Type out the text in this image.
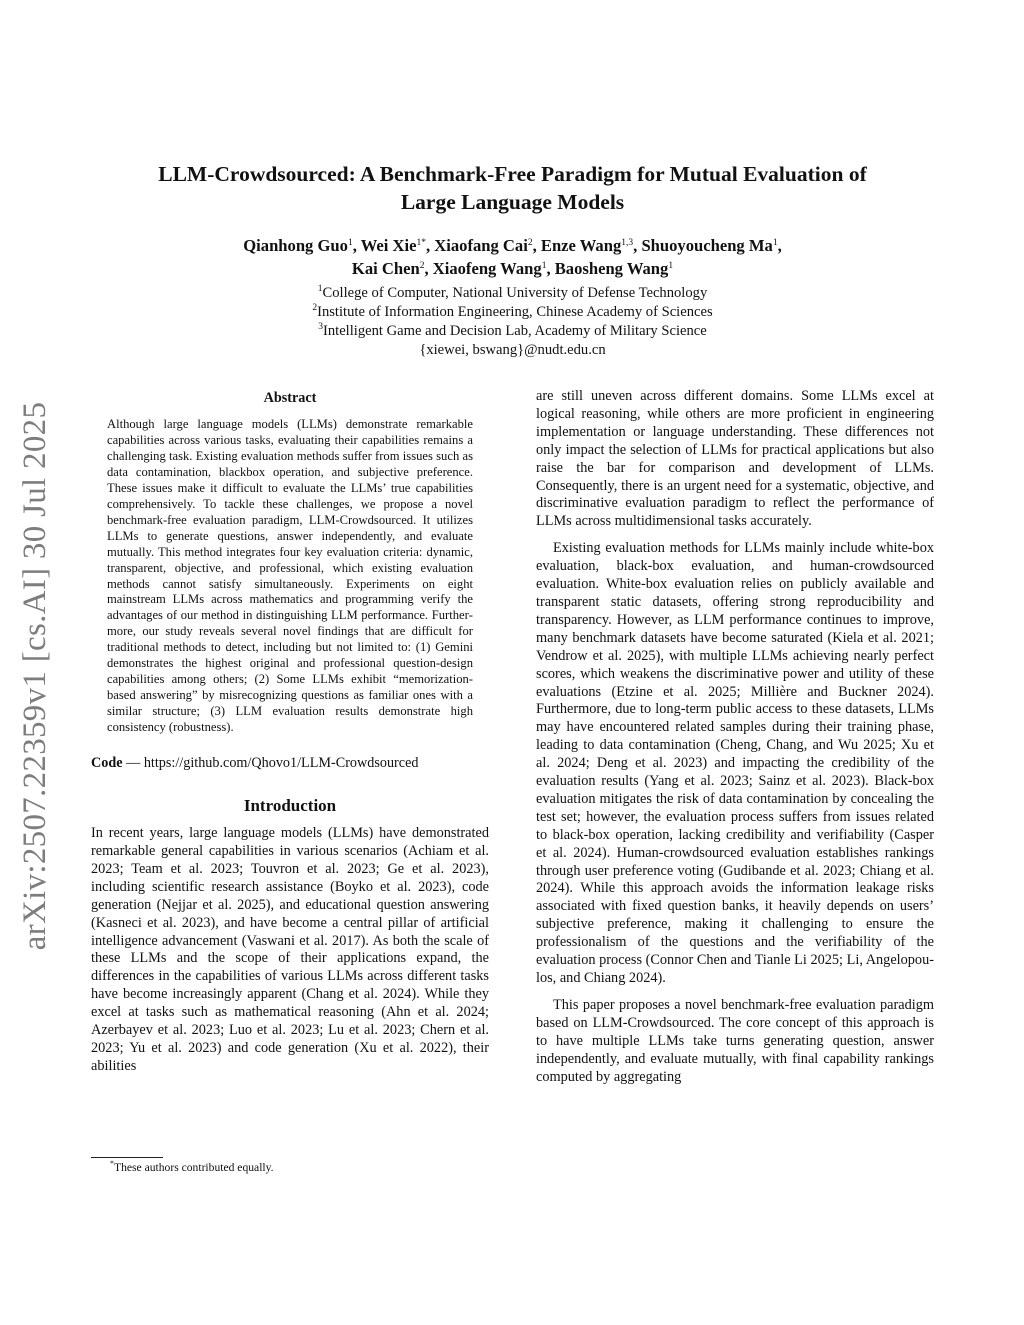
arXiv:2507.22359v1 [cs.AI] 30 Jul 2025
LLM-Crowdsourced: A Benchmark-Free Paradigm for Mutual Evaluation of
Large Language Models
Qianhong Guo$^1$, Wei Xie$^{1*}$, Xiaofang Cai$^2$, Enze Wang$^{1,3}$, Shuoyoucheng Ma$^1$,
Kai Chen$^2$, Xiaofeng Wang$^1$, Baosheng Wang$^1$
$^1$College of Computer, National University of Defense Technology
$^2$Institute of Information Engineering, Chinese Academy of Sciences
$^3$Intelligent Game and Decision Lab, Academy of Military Science
{xiewei, bswang}@nudt.edu.cn
Abstract

Although large language models (LLMs) demonstrate remarkable capabilities across various tasks, evaluating their capabilities remains a challenging task. Existing evaluation methods suffer from issues such as data contamination, blackbox operation, and subjective preference. These issues make it difficult to evaluate the LLMs’ true capabilities comprehensively. To tackle these challenges, we propose a novel benchmark-free evaluation paradigm, LLM-Crowdsourced. It utilizes LLMs to generate questions, answer independently, and evaluate mutually. This method integrates four key evaluation criteria: dynamic, transparent, objective, and professional, which existing evaluation methods cannot satisfy simultaneously. Experiments on eight mainstream LLMs across mathematics and programming verify the advantages of our method in distinguishing LLM performance. Furthermore, our study reveals several novel findings that are difficult for traditional methods to detect, including but not limited to: (1) Gemini demonstrates the highest original and professional question-design capabilities among others; (2) Some LLMs exhibit “memorization-based answering” by misrecognizing questions as familiar ones with a similar structure; (3) LLM evaluation results demonstrate high consistency (robustness).

Code — https://github.com/Qhovo1/LLM-Crowdsourced
Introduction

In recent years, large language models (LLMs) have demonstrated remarkable general capabilities in various scenarios (Achiam et al. 2023; Team et al. 2023; Touvron et al. 2023; Ge et al. 2023), including scientific research assistance (Boyko et al. 2023), code generation (Nejjar et al. 2025), and educational question answering (Kasneci et al. 2023), and have become a central pillar of artificial intelligence advancement (Vaswani et al. 2017). As both the scale of these LLMs and the scope of their applications expand, the differences in the capabilities of various LLMs across different tasks have become increasingly apparent (Chang et al. 2024). While they excel at tasks such as mathematical reasoning (Ahn et al. 2024; Azerbayev et al. 2023; Luo et al. 2023; Lu et al. 2023; Chern et al. 2023; Yu et al. 2023) and code generation (Xu et al. 2022), their abilities

are still uneven across different domains. Some LLMs excel at logical reasoning, while others are more proficient in engineering implementation or language understanding. These differences not only impact the selection of LLMs for practical applications but also raise the bar for comparison and development of LLMs. Consequently, there is an urgent need for a systematic, objective, and discriminative evaluation paradigm to reflect the performance of LLMs across multidimensional tasks accurately.

Existing evaluation methods for LLMs mainly include white-box evaluation, black-box evaluation, and human-crowdsourced evaluation. White-box evaluation relies on publicly available and transparent static datasets, offering strong reproducibility and transparency. However, as LLM performance continues to improve, many benchmark datasets have become saturated (Kiela et al. 2021; Vendrow et al. 2025), with multiple LLMs achieving nearly perfect scores, which weakens the discriminative power and utility of these evaluations (Etzine et al. 2025; Millière and Buckner 2024). Furthermore, due to long-term public access to these datasets, LLMs may have encountered related samples during their training phase, leading to data contamination (Cheng, Chang, and Wu 2025; Xu et al. 2024; Deng et al. 2023) and impacting the credibility of the evaluation results (Yang et al. 2023; Sainz et al. 2023). Black-box evaluation mitigates the risk of data contamination by concealing the test set; however, the evaluation process suffers from issues related to black-box operation, lacking credibility and verifiability (Casper et al. 2024). Human-crowdsourced evaluation establishes rankings through user preference voting (Gudibande et al. 2023; Chiang et al. 2024). While this approach avoids the information leakage risks associated with fixed question banks, it heavily depends on users’ subjective preference, making it challenging to ensure the professionalism of the questions and the verifiability of the evaluation process (Connor Chen and Tianle Li 2025; Li, Angelopoulos, and Chiang 2024).

This paper proposes a novel benchmark-free evaluation paradigm based on LLM-Crowdsourced. The core concept of this approach is to have multiple LLMs take turns generating question, answer independently, and evaluate mutually, with final capability rankings computed by aggregating

*These authors contributed equally.
